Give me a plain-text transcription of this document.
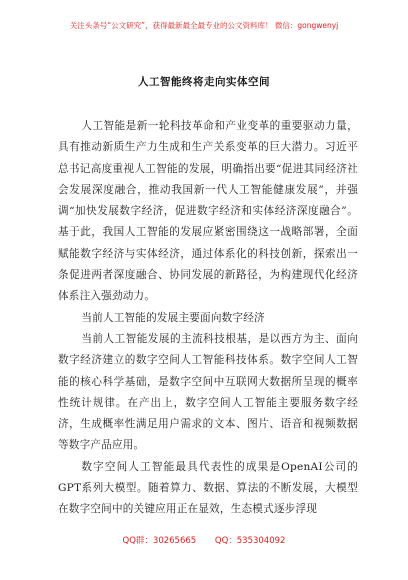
关注头条号“公文研究”，获得最新最全最专业的公文资料库！ 微信：gongwenyj
人工智能终将走向实体空间

人工智能是新一轮科技革命和产业变革的重要驱动力量，具有推动新质生产力生成和生产关系变革的巨大潜力。习近平总书记高度重视人工智能的发展，明确指出要“促进其同经济社会发展深度融合，推动我国新一代人工智能健康发展”，并强调“加快发展数字经济，促进数字经济和实体经济深度融合”。基于此，我国人工智能的发展应紧密围绕这一战略部署，全面赋能数字经济与实体经济，通过体系化的科技创新，探索出一条促进两者深度融合、协同发展的新路径，为构建现代化经济体系注入强劲动力。

当前人工智能的发展主要面向数字经济

当前人工智能发展的主流科技根基，是以西方为主、面向数字经济建立的数字空间人工智能科技体系。数字空间人工智能的核心科学基础，是数字空间中互联网大数据所呈现的概率性统计规律。在产出上，数字空间人工智能主要服务数字经济，生成概率性满足用户需求的文本、图片、语音和视频数据等数字产品应用。

数字空间人工智能最具代表性的成果是OpenAI公司的GPT系列大模型。随着算力、数据、算法的不断发展，大模型在数字空间中的关键应用正在显效，生态模式逐步浮现

QQ群：30265665 QQ：535304092
